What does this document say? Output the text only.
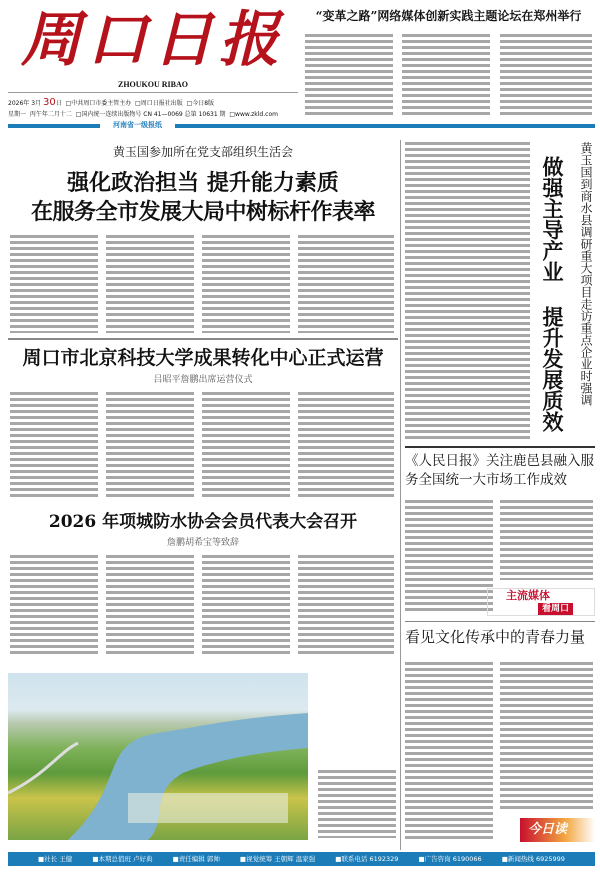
周口日报
ZHOUKOU RIBAO
2026年 3月 30日 □中共周口市委主管主办 □周口日报社出版 □今日8版
星期一 丙午年二月十二 □国内统一连续出版物号 CN 41—0069 总第 10631 期 □www.zkld.com
河南省一级报纸
“变革之路”网络媒体创新实践主题论坛在郑州举行
黄玉国参加所在党支部组织生活会
强化政治担当 提升能力素质
在服务全市发展大局中树标杆作表率
周口市北京科技大学成果转化中心正式运营
吕昭平詹鹏出席运营仪式
2026 年项城防水协会会员代表大会召开
詹鹏胡希宝等致辞
做强主导产业 提升发展质效	黄玉国到商水县调研重大项目走访重点企业时强调
《人民日报》关注鹿邑县融入服务全国统一大市场工作成效
主流媒体
看周口
看见文化传承中的青春力量
今日读
■社长 王健	■本期总值班 卢好典	■责任编辑 郭帅	■视觉统筹 王朝辉 温家强	■联系电话 6192329	■广告咨询 6190066	■新闻热线 6925999
